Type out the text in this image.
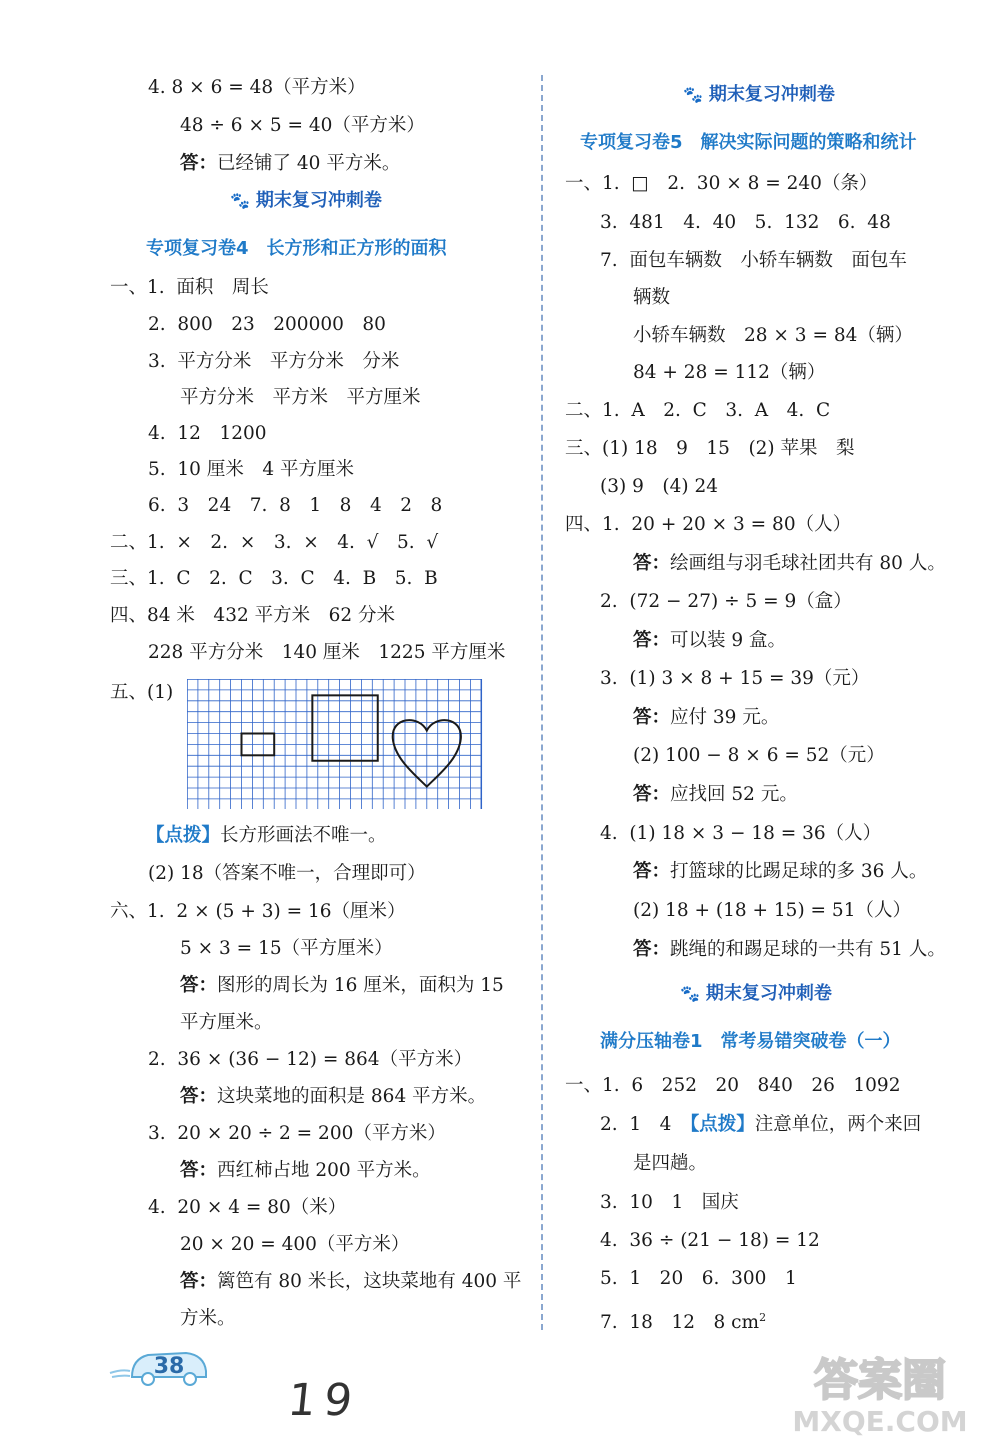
4. 8 × 6 = 48（平方米）
48 ÷ 6 × 5 = 40（平方米）
答：已经铺了 40 平方米。
🐾 期末复习冲刺卷
专项复习卷4　长方形和正方形的面积
一、1.  面积　周长
2.  800　23　200000　80
3.  平方分米　平方分米　分米
平方分米　平方米　平方厘米
4.  12　1200
5.  10 厘米　4 平方厘米
6.  3　24　7.  8　1　8　4　2　8
二、1.  ×　2.  ×　3.  ×　4.  √　5.  √
三、1.  C　2.  C　3.  C　4.  B　5.  B
四、84 米　432 平方米　62 分米
228 平方分米　140 厘米　1225 平方厘米
五、(1)
【点拨】长方形画法不唯一。
(2) 18（答案不唯一，合理即可）
六、1.  2 × (5 + 3) = 16（厘米）
5 × 3 = 15（平方厘米）
答：图形的周长为 16 厘米，面积为 15
平方厘米。
2.  36 × (36 − 12) = 864（平方米）
答：这块菜地的面积是 864 平方米。
3.  20 × 20 ÷ 2 = 200（平方米）
答：西红柿占地 200 平方米。
4.  20 × 4 = 80（米）
20 × 20 = 400（平方米）
答：篱笆有 80 米长，这块菜地有 400 平
方米。
🐾 期末复习冲刺卷
专项复习卷5　解决实际问题的策略和统计
一、1.  □　2.  30 × 8 = 240（条）
3.  481　4.  40　5.  132　6.  48
7.  面包车辆数　小轿车辆数　面包车
辆数
小轿车辆数　28 × 3 = 84（辆）
84 + 28 = 112（辆）
二、1.  A　2.  C　3.  A　4.  C
三、(1) 18　9　15　(2) 苹果　梨
(3) 9　(4) 24
四、1.  20 + 20 × 3 = 80（人）
答：绘画组与羽毛球社团共有 80 人。
2.  (72 − 27) ÷ 5 = 9（盒）
答：可以装 9 盒。
3.  (1) 3 × 8 + 15 = 39（元）
答：应付 39 元。
(2) 100 − 8 × 6 = 52（元）
答：应找回 52 元。
4.  (1) 18 × 3 − 18 = 36（人）
答：打篮球的比踢足球的多 36 人。
(2) 18 + (18 + 15) = 51（人）
答：跳绳的和踢足球的一共有 51 人。
🐾 期末复习冲刺卷
满分压轴卷1　常考易错突破卷（一）
一、1.  6　252　20　840　26　1092
2.  1　4　【点拨】注意单位，两个来回
是四趟。
3.  10　1　国庆
4.  36 ÷ (21 − 18) = 12
5.  1　20　6.  300　1
7.  18　12　8 $cm^2$
38
19	答案圈
MXQE.COM
